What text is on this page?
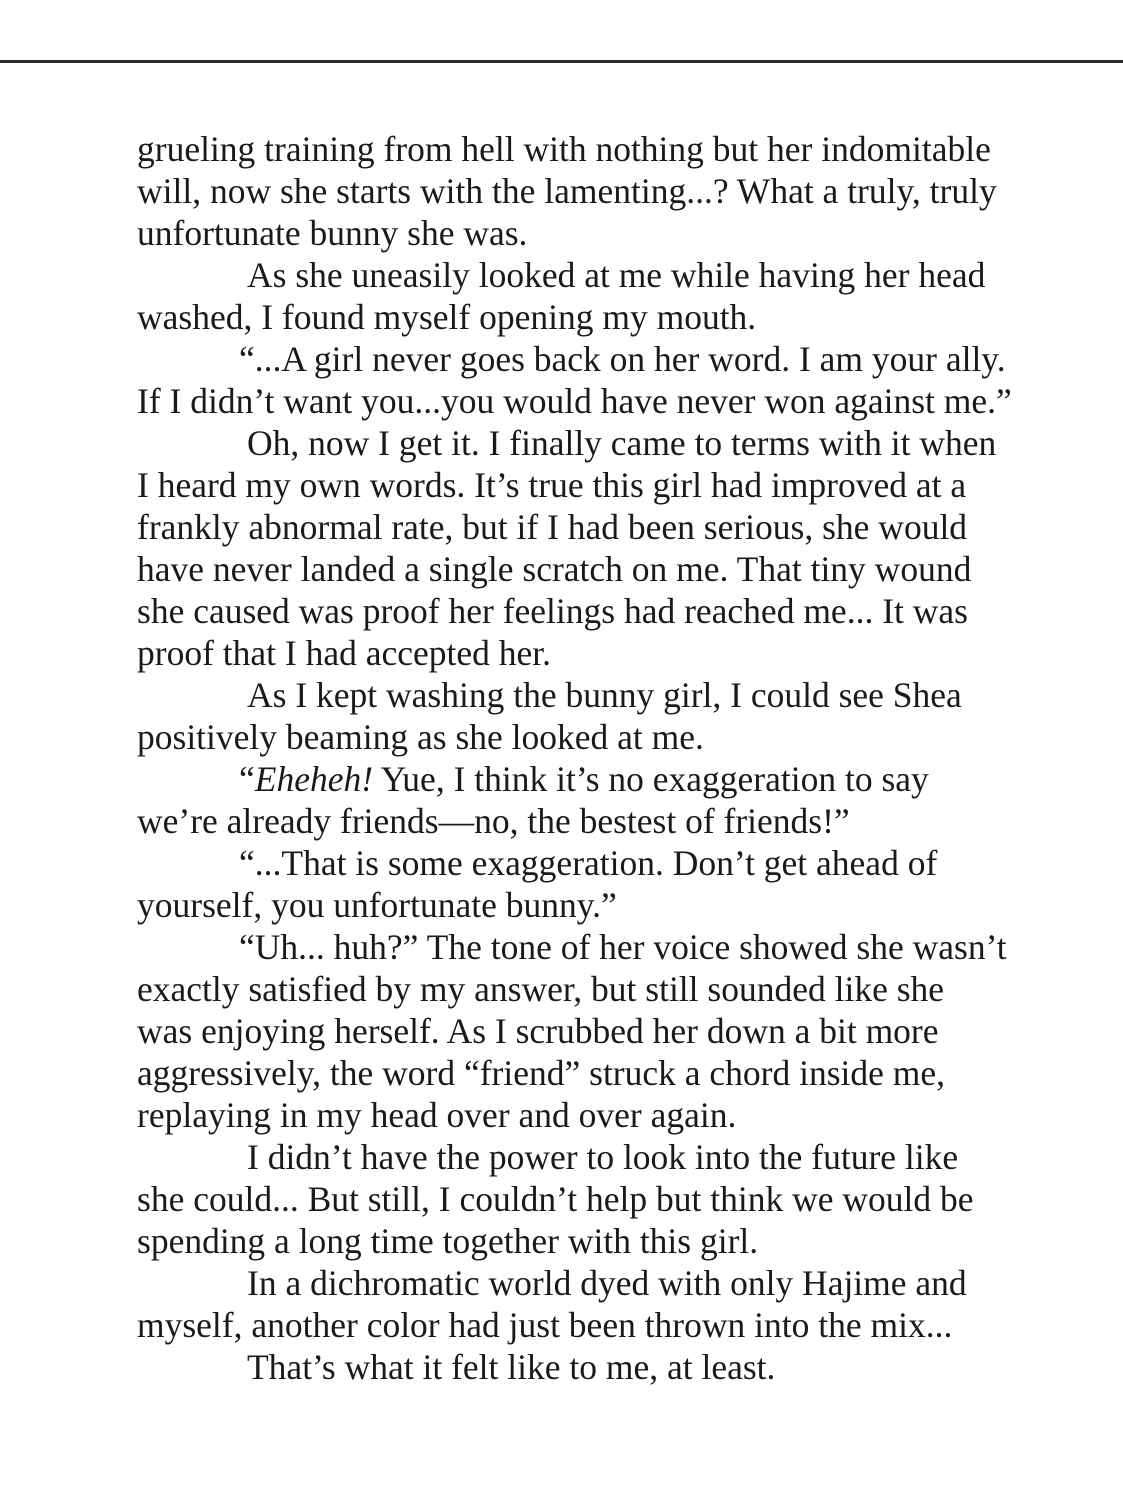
grueling training from hell with nothing but her indomitable
will, now she starts with the lamenting...? What a truly, truly
unfortunate bunny she was.
As she uneasily looked at me while having her head
washed, I found myself opening my mouth.
“...A girl never goes back on her word. I am your ally.
If I didn’t want you...you would have never won against me.”
Oh, now I get it. I finally came to terms with it when
I heard my own words. It’s true this girl had improved at a
frankly abnormal rate, but if I had been serious, she would
have never landed a single scratch on me. That tiny wound
she caused was proof her feelings had reached me... It was
proof that I had accepted her.
As I kept washing the bunny girl, I could see Shea
positively beaming as she looked at me.
“Eheheh! Yue, I think it’s no exaggeration to say
we’re already friends—no, the bestest of friends!”
“...That is some exaggeration. Don’t get ahead of
yourself, you unfortunate bunny.”
“Uh... huh?” The tone of her voice showed she wasn’t
exactly satisfied by my answer, but still sounded like she
was enjoying herself. As I scrubbed her down a bit more
aggressively, the word “friend” struck a chord inside me,
replaying in my head over and over again.
I didn’t have the power to look into the future like
she could... But still, I couldn’t help but think we would be
spending a long time together with this girl.
In a dichromatic world dyed with only Hajime and
myself, another color had just been thrown into the mix...
That’s what it felt like to me, at least.
